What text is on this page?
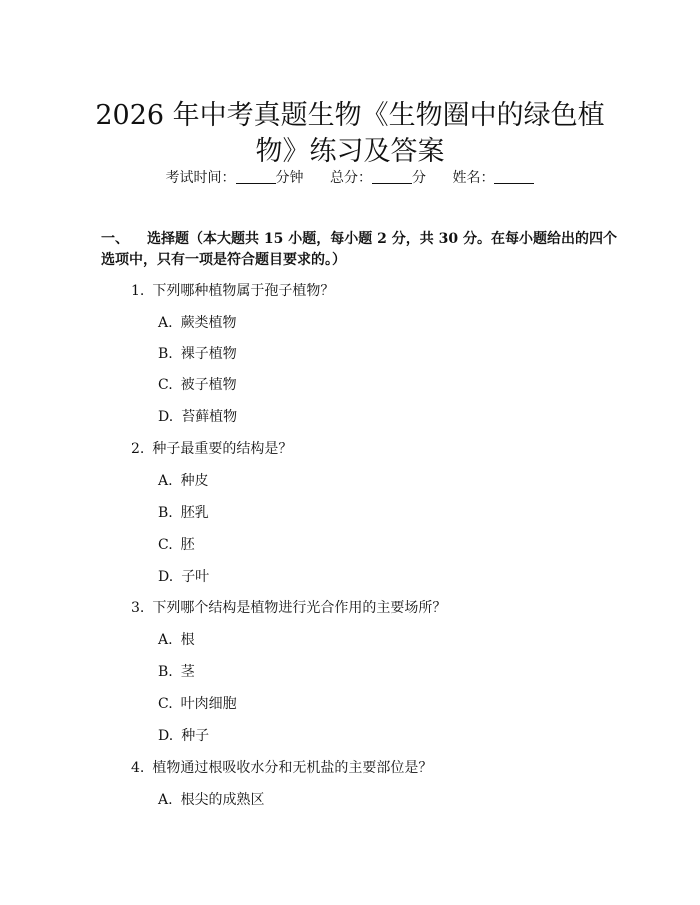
2026 年中考真题生物《生物圈中的绿色植
物》练习及答案
考试时间：	分钟 总分：	分 姓名：
一、 选择题（本大题共 15 小题，每小题 2 分，共 30 分。在每小题给出的四个选项中，只有一项是符合题目要求的。）
1. 下列哪种植物属于孢子植物？
A. 蕨类植物
B. 裸子植物
C. 被子植物
D. 苔藓植物
2. 种子最重要的结构是？
A. 种皮
B. 胚乳
C. 胚
D. 子叶
3. 下列哪个结构是植物进行光合作用的主要场所？
A. 根
B. 茎
C. 叶肉细胞
D. 种子
4. 植物通过根吸收水分和无机盐的主要部位是？
A. 根尖的成熟区
